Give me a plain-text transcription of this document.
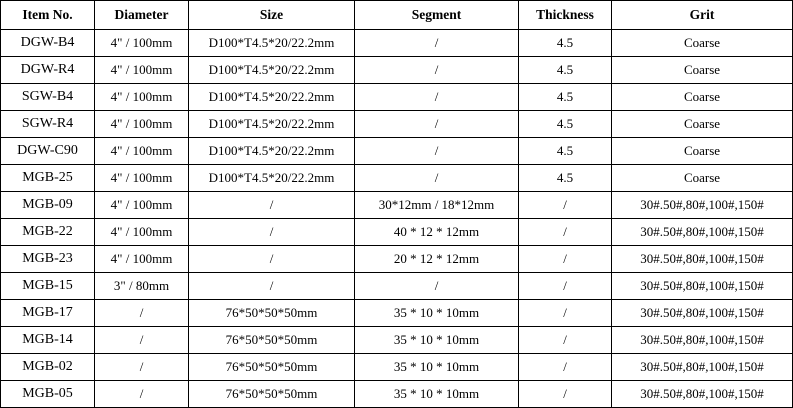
Item No.	Diameter	Size	Segment	Thickness	Grit
DGW-B4	4" / 100mm	D100*T4.5*20/22.2mm	/	4.5	Coarse
DGW-R4	4" / 100mm	D100*T4.5*20/22.2mm	/	4.5	Coarse
SGW-B4	4" / 100mm	D100*T4.5*20/22.2mm	/	4.5	Coarse
SGW-R4	4" / 100mm	D100*T4.5*20/22.2mm	/	4.5	Coarse
DGW-C90	4" / 100mm	D100*T4.5*20/22.2mm	/	4.5	Coarse
MGB-25	4" / 100mm	D100*T4.5*20/22.2mm	/	4.5	Coarse
MGB-09	4" / 100mm	/	30*12mm / 18*12mm	/	30#.50#,80#,100#,150#
MGB-22	4" / 100mm	/	40 * 12 * 12mm	/	30#.50#,80#,100#,150#
MGB-23	4" / 100mm	/	20 * 12 * 12mm	/	30#.50#,80#,100#,150#
MGB-15	3" / 80mm	/	/	/	30#.50#,80#,100#,150#
MGB-17	/	76*50*50*50mm	35 * 10 * 10mm	/	30#.50#,80#,100#,150#
MGB-14	/	76*50*50*50mm	35 * 10 * 10mm	/	30#.50#,80#,100#,150#
MGB-02	/	76*50*50*50mm	35 * 10 * 10mm	/	30#.50#,80#,100#,150#
MGB-05	/	76*50*50*50mm	35 * 10 * 10mm	/	30#.50#,80#,100#,150#
